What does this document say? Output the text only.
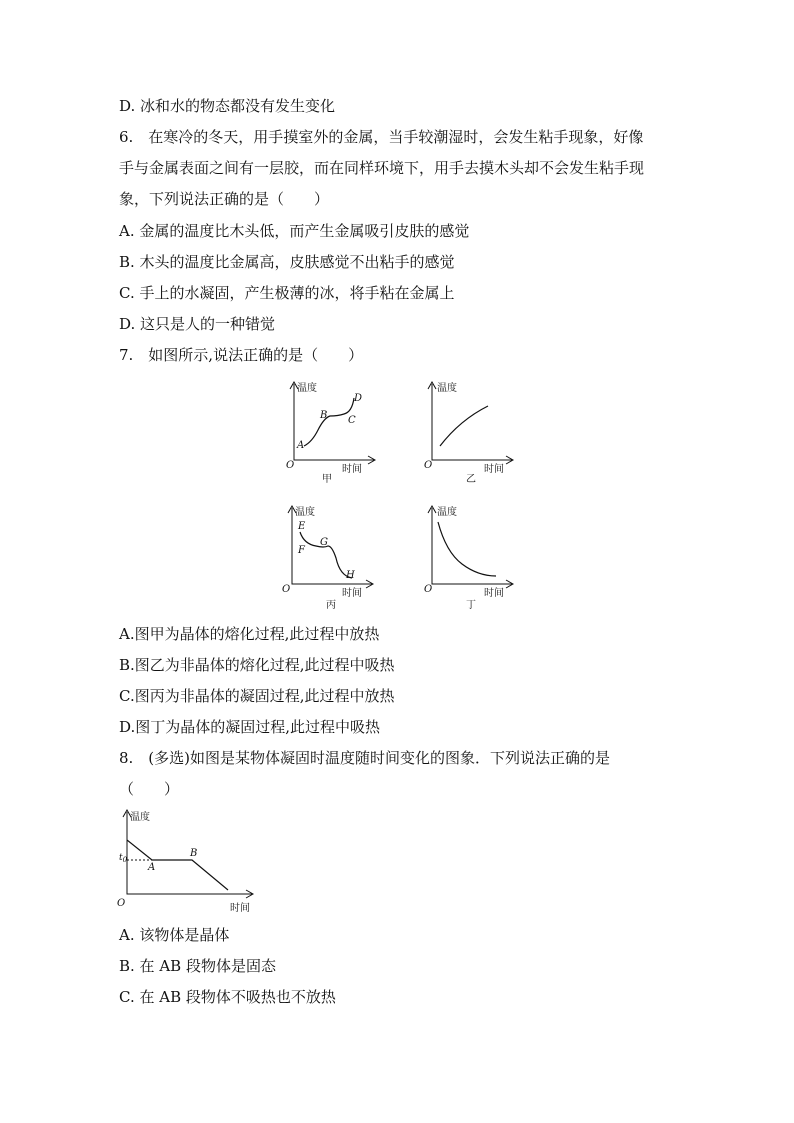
D. 冰和水的物态都没有发生变化
6.　在寒冷的冬天，用手摸室外的金属，当手较潮湿时，会发生粘手现象，好像
手与金属表面之间有一层胶，而在同样环境下，用手去摸木头却不会发生粘手现
象，下列说法正确的是（　　）
A. 金属的温度比木头低，而产生金属吸引皮肤的感觉
B. 木头的温度比金属高，皮肤感觉不出粘手的感觉
C. 手上的水凝固，产生极薄的冰，将手粘在金属上
D. 这只是人的一种错觉
7.　如图所示,说法正确的是（　　）
温度
时间
O
A
B C
D
甲
温度
时间
O
乙
温度
时间
O
E
F
G
H
丙
温度
时间
O
丁
A.图甲为晶体的熔化过程,此过程中放热
B.图乙为非晶体的熔化过程,此过程中吸热
C.图丙为非晶体的凝固过程,此过程中放热
D.图丁为晶体的凝固过程,此过程中吸热
8.　(多选)如图是某物体凝固时温度随时间变化的图象．下列说法正确的是
（　　）
温度
时间
O
$t_0$
A
B
A. 该物体是晶体
B. 在 AB 段物体是固态
C. 在 AB 段物体不吸热也不放热
